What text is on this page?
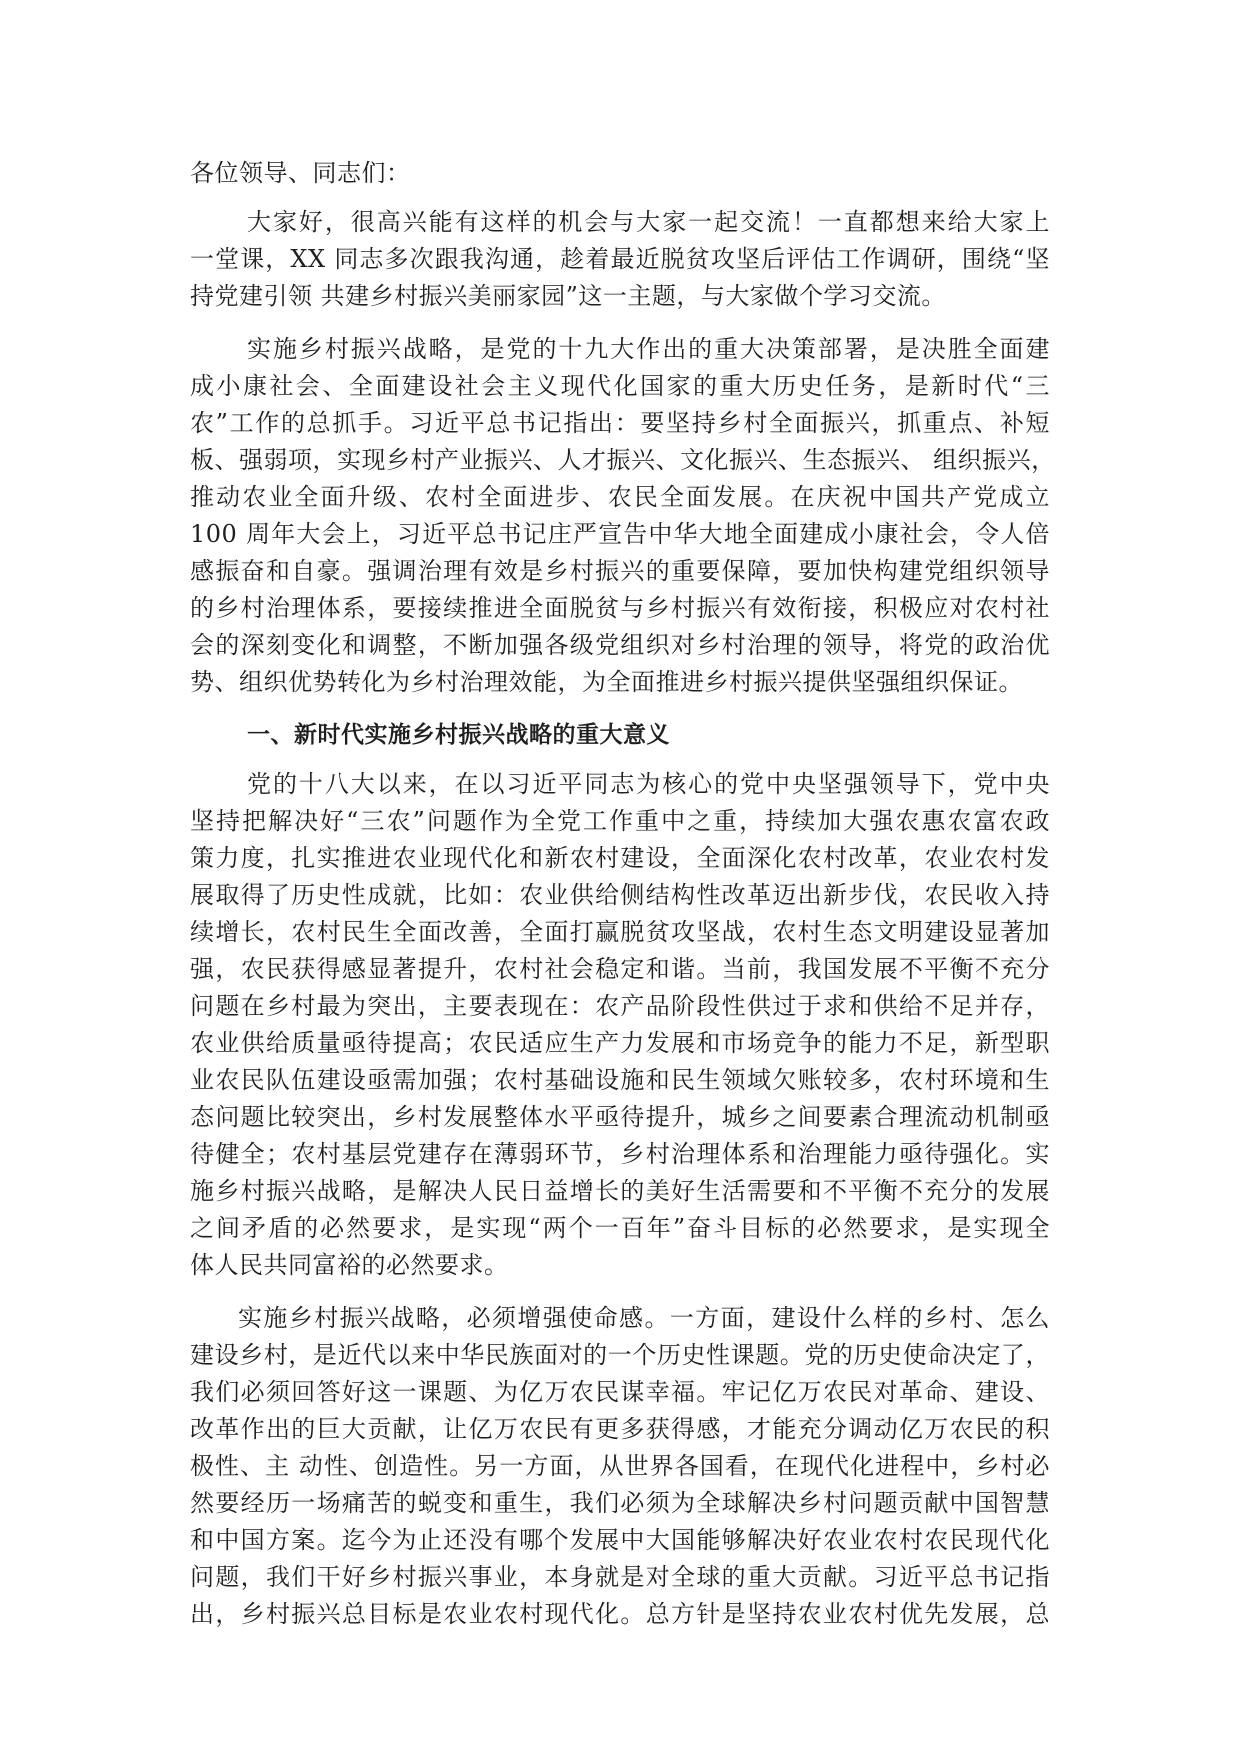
各位领导、同志们：
大家好，很高兴能有这样的机会与大家一起交流！一直都想来给大家上
一堂课，XX 同志多次跟我沟通，趁着最近脱贫攻坚后评估工作调研，围绕“坚
持党建引领 共建乡村振兴美丽家园”这一主题，与大家做个学习交流。
实施乡村振兴战略，是党的十九大作出的重大决策部署，是决胜全面建
成小康社会、全面建设社会主义现代化国家的重大历史任务，是新时代“三
农”工作的总抓手。习近平总书记指出：要坚持乡村全面振兴，抓重点、补短
板、强弱项，实现乡村产业振兴、人才振兴、文化振兴、生态振兴、 组织振兴，
推动农业全面升级、农村全面进步、农民全面发展。在庆祝中国共产党成立
100 周年大会上，习近平总书记庄严宣告中华大地全面建成小康社会，令人倍
感振奋和自豪。强调治理有效是乡村振兴的重要保障，要加快构建党组织领导
的乡村治理体系，要接续推进全面脱贫与乡村振兴有效衔接，积极应对农村社
会的深刻变化和调整，不断加强各级党组织对乡村治理的领导，将党的政治优
势、组织优势转化为乡村治理效能，为全面推进乡村振兴提供坚强组织保证。
一、新时代实施乡村振兴战略的重大意义
党的十八大以来，在以习近平同志为核心的党中央坚强领导下，党中央
坚持把解决好“三农”问题作为全党工作重中之重，持续加大强农惠农富农政
策力度，扎实推进农业现代化和新农村建设，全面深化农村改革，农业农村发
展取得了历史性成就，比如：农业供给侧结构性改革迈出新步伐，农民收入持
续增长，农村民生全面改善，全面打赢脱贫攻坚战，农村生态文明建设显著加
强，农民获得感显著提升，农村社会稳定和谐。当前，我国发展不平衡不充分
问题在乡村最为突出，主要表现在：农产品阶段性供过于求和供给不足并存，
农业供给质量亟待提高；农民适应生产力发展和市场竞争的能力不足，新型职
业农民队伍建设亟需加强；农村基础设施和民生领域欠账较多，农村环境和生
态问题比较突出，乡村发展整体水平亟待提升，城乡之间要素合理流动机制亟
待健全；农村基层党建存在薄弱环节，乡村治理体系和治理能力亟待强化。实
施乡村振兴战略，是解决人民日益增长的美好生活需要和不平衡不充分的发展
之间矛盾的必然要求，是实现“两个一百年”奋斗目标的必然要求，是实现全
体人民共同富裕的必然要求。
实施乡村振兴战略，必须增强使命感。一方面，建设什么样的乡村、怎么
建设乡村，是近代以来中华民族面对的一个历史性课题。党的历史使命决定了，
我们必须回答好这一课题、为亿万农民谋幸福。牢记亿万农民对革命、建设、
改革作出的巨大贡献，让亿万农民有更多获得感，才能充分调动亿万农民的积
极性、主 动性、创造性。另一方面，从世界各国看，在现代化进程中，乡村必
然要经历一场痛苦的蜕变和重生，我们必须为全球解决乡村问题贡献中国智慧
和中国方案。迄今为止还没有哪个发展中大国能够解决好农业农村农民现代化
问题，我们干好乡村振兴事业，本身就是对全球的重大贡献。习近平总书记指
出，乡村振兴总目标是农业农村现代化。总方针是坚持农业农村优先发展，总
